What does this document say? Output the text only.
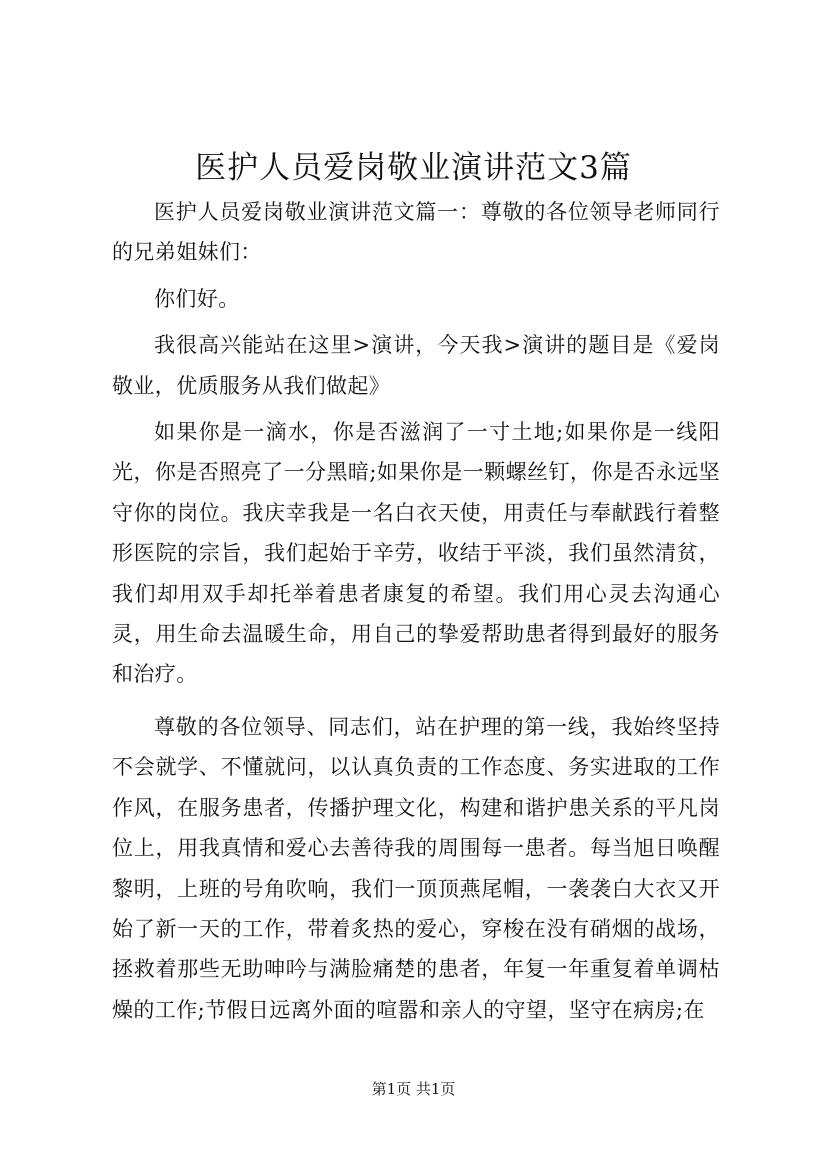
医护人员爱岗敬业演讲范文3篇

医护人员爱岗敬业演讲范文篇一：尊敬的各位领导老师同行的兄弟姐妹们：

你们好。

我很高兴能站在这里>演讲，今天我>演讲的题目是《爱岗敬业，优质服务从我们做起》

如果你是一滴水，你是否滋润了一寸土地;如果你是一线阳光，你是否照亮了一分黑暗;如果你是一颗螺丝钉，你是否永远坚守你的岗位。我庆幸我是一名白衣天使，用责任与奉献践行着整形医院的宗旨，我们起始于辛劳，收结于平淡，我们虽然清贫，我们却用双手却托举着患者康复的希望。我们用心灵去沟通心灵，用生命去温暖生命，用自己的挚爱帮助患者得到最好的服务和治疗。

尊敬的各位领导、同志们，站在护理的第一线，我始终坚持不会就学、不懂就问，以认真负责的工作态度、务实进取的工作作风，在服务患者，传播护理文化，构建和谐护患关系的平凡岗位上，用我真情和爱心去善待我的周围每一患者。每当旭日唤醒黎明，上班的号角吹响，我们一顶顶燕尾帽，一袭袭白大衣又开始了新一天的工作，带着炙热的爱心，穿梭在没有硝烟的战场，拯救着那些无助呻吟与满脸痛楚的患者，年复一年重复着单调枯燥的工作;节假日远离外面的喧嚣和亲人的守望，坚守在病房;在

第1页 共1页
